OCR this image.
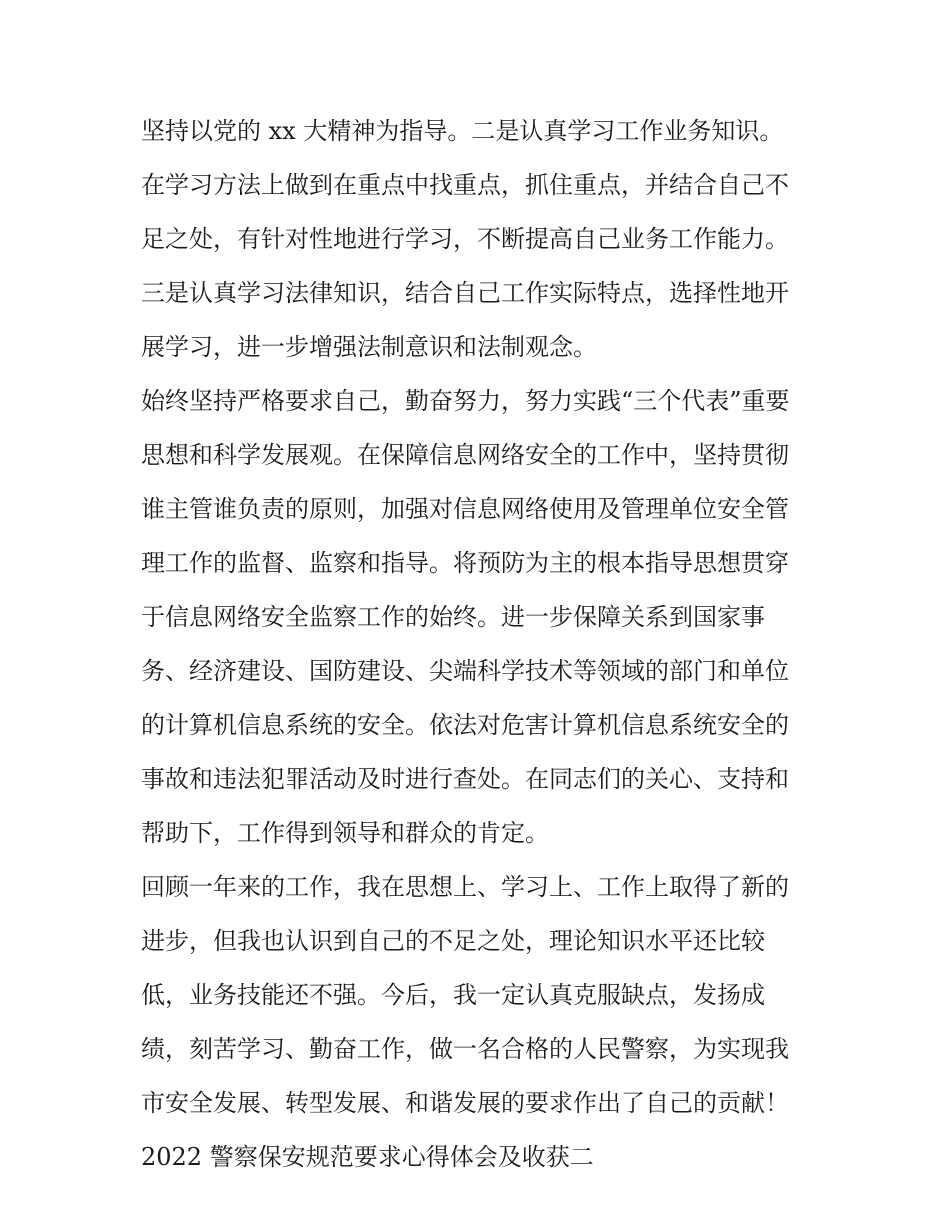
坚持以党的 xx 大精神为指导。二是认真学习工作业务知识。
在学习方法上做到在重点中找重点，抓住重点，并结合自己不
足之处，有针对性地进行学习，不断提高自己业务工作能力。
三是认真学习法律知识，结合自己工作实际特点，选择性地开
展学习，进一步增强法制意识和法制观念。
始终坚持严格要求自己，勤奋努力，努力实践“三个代表”重要
思想和科学发展观。在保障信息网络安全的工作中，坚持贯彻
谁主管谁负责的原则，加强对信息网络使用及管理单位安全管
理工作的监督、监察和指导。将预防为主的根本指导思想贯穿
于信息网络安全监察工作的始终。进一步保障关系到国家事
务、经济建设、国防建设、尖端科学技术等领域的部门和单位
的计算机信息系统的安全。依法对危害计算机信息系统安全的
事故和违法犯罪活动及时进行查处。在同志们的关心、支持和
帮助下，工作得到领导和群众的肯定。
回顾一年来的工作，我在思想上、学习上、工作上取得了新的
进步，但我也认识到自己的不足之处，理论知识水平还比较
低，业务技能还不强。今后，我一定认真克服缺点，发扬成
绩，刻苦学习、勤奋工作，做一名合格的人民警察，为实现我
市安全发展、转型发展、和谐发展的要求作出了自己的贡献！
2022 警察保安规范要求心得体会及收获二
